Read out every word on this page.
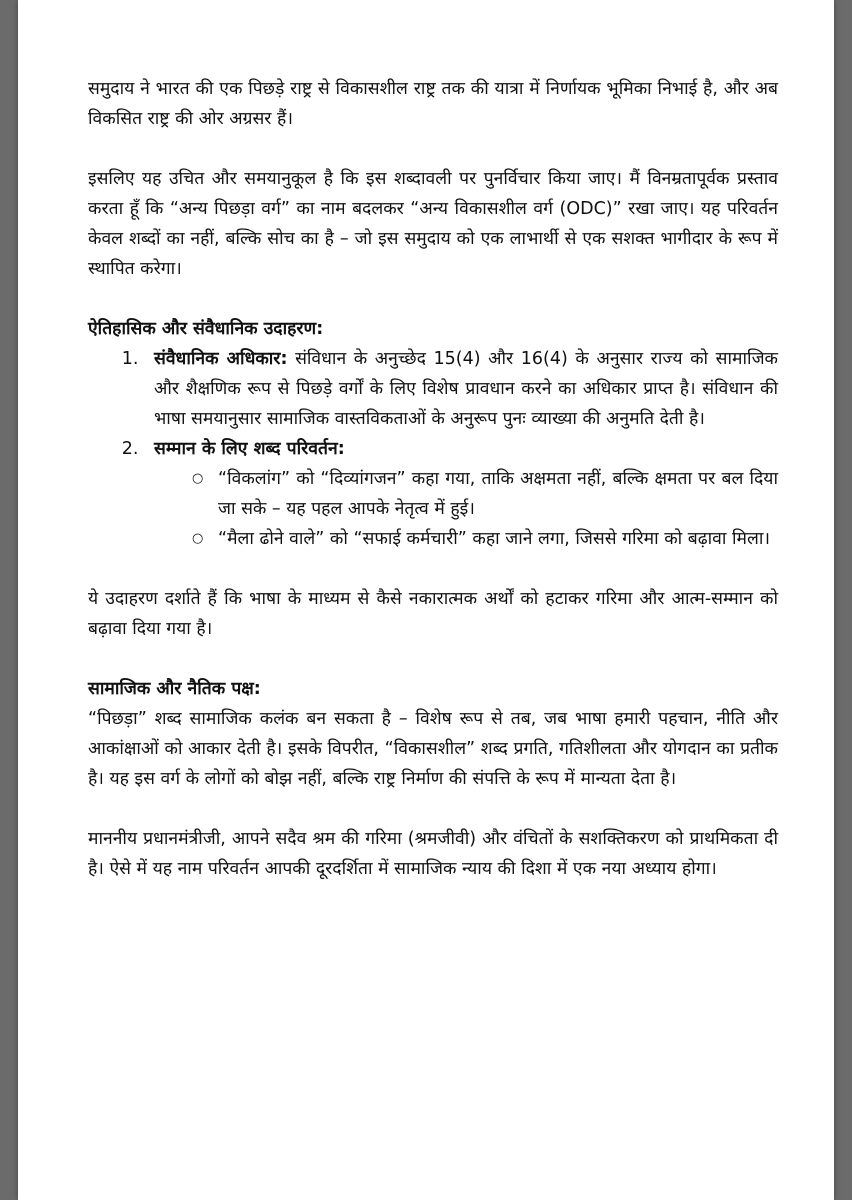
समुदाय ने भारत की एक पिछड़े राष्ट्र से विकासशील राष्ट्र तक की यात्रा में निर्णायक भूमिका निभाई है, और अब विकसित राष्ट्र की ओर अग्रसर हैं।

इसलिए यह उचित और समयानुकूल है कि इस शब्दावली पर पुनर्विचार किया जाए। मैं विनम्रतापूर्वक प्रस्ताव करता हूँ कि “अन्य पिछड़ा वर्ग” का नाम बदलकर “अन्य विकासशील वर्ग (ODC)” रखा जाए। यह परिवर्तन केवल शब्दों का नहीं, बल्कि सोच का है – जो इस समुदाय को एक लाभार्थी से एक सशक्त भागीदार के रूप में स्थापित करेगा।

ऐतिहासिक और संवैधानिक उदाहरण:

1. संवैधानिक अधिकार: संविधान के अनुच्छेद 15(4) और 16(4) के अनुसार राज्य को सामाजिक और शैक्षणिक रूप से पिछड़े वर्गों के लिए विशेष प्रावधान करने का अधिकार प्राप्त है। संविधान की भाषा समयानुसार सामाजिक वास्तविकताओं के अनुरूप पुनः व्याख्या की अनुमति देती है।
2. सम्मान के लिए शब्द परिवर्तन:
○ “विकलांग” को “दिव्यांगजन” कहा गया, ताकि अक्षमता नहीं, बल्कि क्षमता पर बल दिया जा सके – यह पहल आपके नेतृत्व में हुई।
○ “मैला ढोने वाले” को “सफाई कर्मचारी” कहा जाने लगा, जिससे गरिमा को बढ़ावा मिला।

ये उदाहरण दर्शाते हैं कि भाषा के माध्यम से कैसे नकारात्मक अर्थों को हटाकर गरिमा और आत्म-सम्मान को बढ़ावा दिया गया है।

सामाजिक और नैतिक पक्ष:

“पिछड़ा” शब्द सामाजिक कलंक बन सकता है – विशेष रूप से तब, जब भाषा हमारी पहचान, नीति और आकांक्षाओं को आकार देती है। इसके विपरीत, “विकासशील” शब्द प्रगति, गतिशीलता और योगदान का प्रतीक है। यह इस वर्ग के लोगों को बोझ नहीं, बल्कि राष्ट्र निर्माण की संपत्ति के रूप में मान्यता देता है।

माननीय प्रधानमंत्रीजी, आपने सदैव श्रम की गरिमा (श्रमजीवी) और वंचितों के सशक्तिकरण को प्राथमिकता दी है। ऐसे में यह नाम परिवर्तन आपकी दूरदर्शिता में सामाजिक न्याय की दिशा में एक नया अध्याय होगा।
